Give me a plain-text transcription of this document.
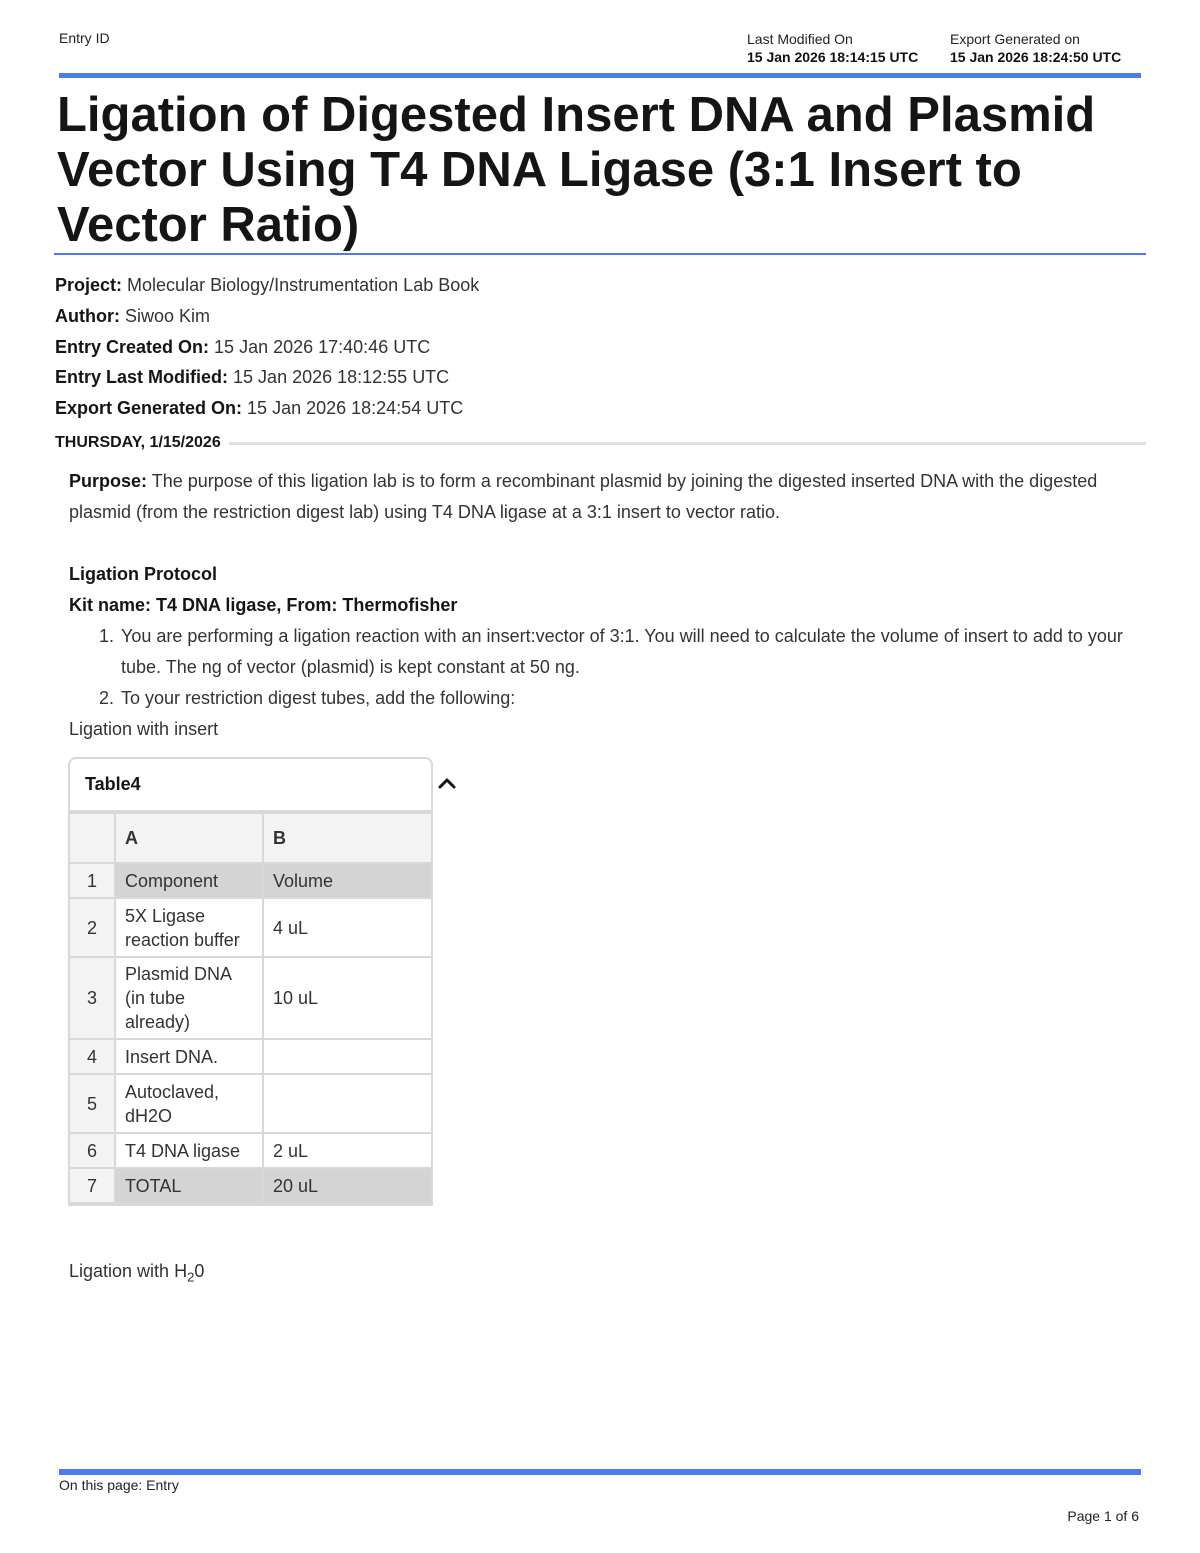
Entry ID	Last Modified On
15 Jan 2026 18:14:15 UTC
Export Generated on
15 Jan 2026 18:24:50 UTC
Ligation of Digested Insert DNA and Plasmid Vector Using T4 DNA Ligase (3:1 Insert to Vector Ratio)
Project: Molecular Biology/Instrumentation Lab Book
Author: Siwoo Kim
Entry Created On: 15 Jan 2026 17:40:46 UTC
Entry Last Modified: 15 Jan 2026 18:12:55 UTC
Export Generated On: 15 Jan 2026 18:24:54 UTC
THURSDAY, 1/15/2026

Purpose: The purpose of this ligation lab is to form a recombinant plasmid by joining the digested inserted DNA with the digested plasmid (from the restriction digest lab) using T4 DNA ligase at a 3:1 insert to vector ratio.

Ligation Protocol

Kit name: T4 DNA ligase, From: Thermofisher

1. You are performing a ligation reaction with an insert:vector of 3:1. You will need to calculate the volume of insert to add to your tube. The ng of vector (plasmid) is kept constant at 50 ng.
2. To your restriction digest tubes, add the following:

Ligation with insert

Table4
	A	B
1	Component	Volume
2	5X Ligase reaction buffer	4 uL
3	Plasmid DNA (in tube already)	10 uL
4	Insert DNA.	
5	Autoclaved, dH2O	
6	T4 DNA ligase	2 uL
7	TOTAL	20 uL
Ligation with $H_20$
On this page: Entry
Page 1 of 6
